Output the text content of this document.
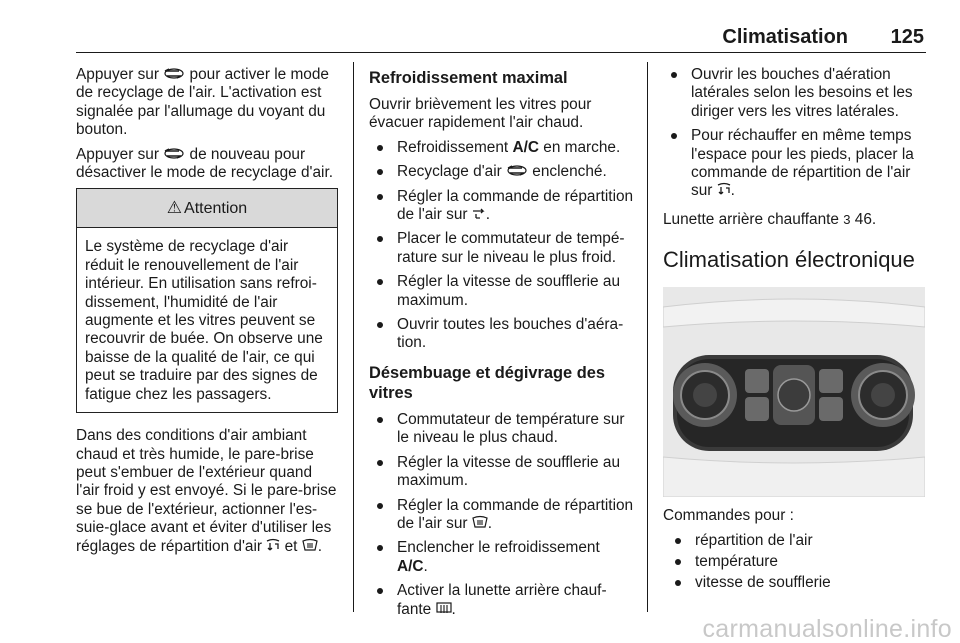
Climatisation 125

Appuyer sur  pour activer le mode de recyclage de l'air. L'activation est signalée par l'allumage du voyant du bouton.

Appuyer sur  de nouveau pour désactiver le mode de recyclage d'air.

⚠ Attention
Le système de recyclage d'air réduit le renouvellement de l'air intérieur. En utilisation sans refroidissement, l'humidité de l'air augmente et les vitres peuvent se recouvrir de buée. On observe une baisse de la qualité de l'air, ce qui peut se traduire par des signes de fatigue chez les passagers.

Dans des conditions d'air ambiant chaud et très humide, le pare-brise peut s'embuer de l'extérieur quand l'air froid y est envoyé. Si le pare-brise se bue de l'extérieur, actionner l'essuie-glace avant et éviter d'utiliser les réglages de répartition d'air  et .

Refroidissement maximal

Ouvrir brièvement les vitres pour évacuer rapidement l'air chaud.

Refroidissement A/C en marche.
Recyclage d'air  enclenché.
Régler la commande de répartition de l'air sur .
Placer le commutateur de température sur le niveau le plus froid.
Régler la vitesse de soufflerie au maximum.
Ouvrir toutes les bouches d'aération.
Désembuage et dégivrage des vitres
Commutateur de température sur le niveau le plus chaud.
Régler la vitesse de soufflerie au maximum.
Régler la commande de répartition de l'air sur .
Enclencher le refroidissement A/C.
Activer la lunette arrière chauffante .
Ouvrir les bouches d'aération latérales selon les besoins et les diriger vers les vitres latérales.
Pour réchauffer en même temps l'espace pour les pieds, placer la commande de répartition de l'air sur .

Lunette arrière chauffante 3 46.

Climatisation électronique

Commandes pour :

répartition de l'air
température
vitesse de soufflerie
carmanualsonline.info
